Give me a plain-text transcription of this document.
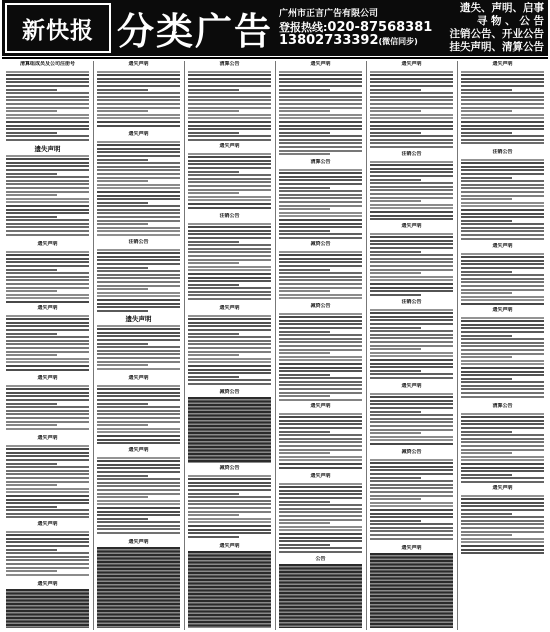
新快报 分类广告 广州市正言广告有限公司
登报热线:020-87568381
13802733392(微信同步)
遗失、声明、启事
寻 物 、 公 告
注销公告、开业公告
挂失声明、清算公告
清算组成员及公司注册号
遗失声明
遗失声明
遗失声明
遗失声明
遗失声明
遗失声明
遗失声明
遗失声明
遗失声明
注销公告
遗失声明
遗失声明
遗失声明
遗失声明
清算公告
遗失声明
注销公告
遗失声明
减资公告
减资公告
遗失声明
遗失声明
清算公告
减资公告
减资公告
遗失声明
遗失声明
公告
遗失声明
注销公告
遗失声明
注销公告
遗失声明
减资公告
遗失声明
遗失声明
注销公告
遗失声明
遗失声明
清算公告
遗失声明
